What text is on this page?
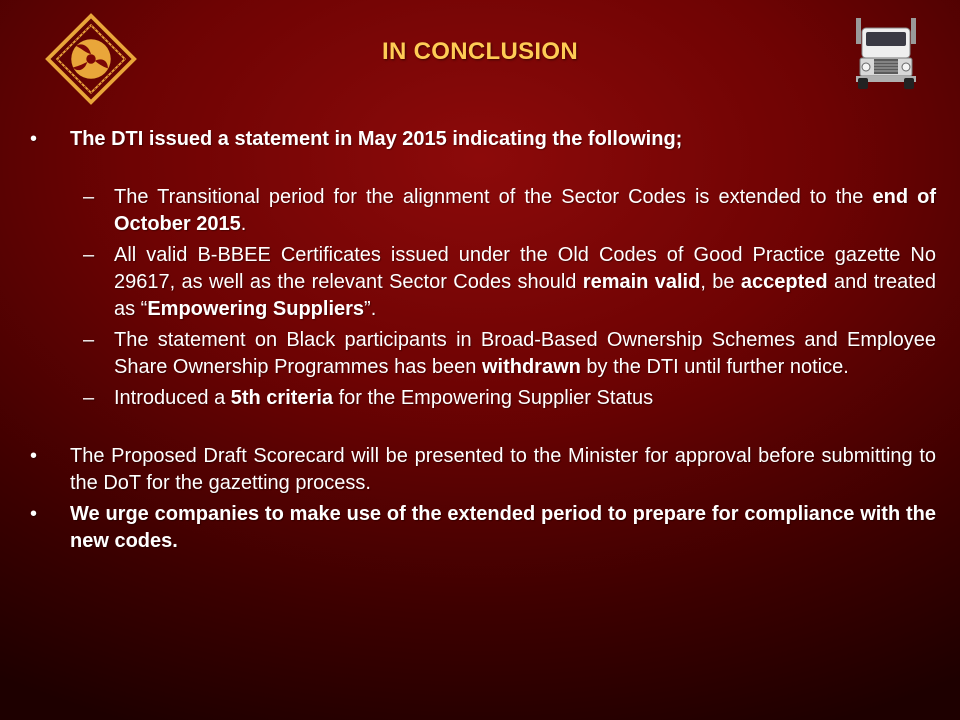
IN CONCLUSION
•	The DTI issued a statement in May 2015 indicating the following;
– The Transitional period for the alignment of the Sector Codes is extended to the end of October 2015.
– All valid B-BBEE Certificates issued under the Old Codes of Good Practice gazette No 29617, as well as the relevant Sector Codes should remain valid, be accepted and treated as “Empowering Suppliers”.
– The statement on Black participants in Broad-Based Ownership Schemes and Employee Share Ownership Programmes has been withdrawn by the DTI until further notice.
– Introduced a 5th criteria for the Empowering Supplier Status
•	The Proposed Draft Scorecard will be presented to the Minister for approval before submitting to the DoT for the gazetting process.
•	We urge companies to make use of the extended period to prepare for compliance with the new codes.
